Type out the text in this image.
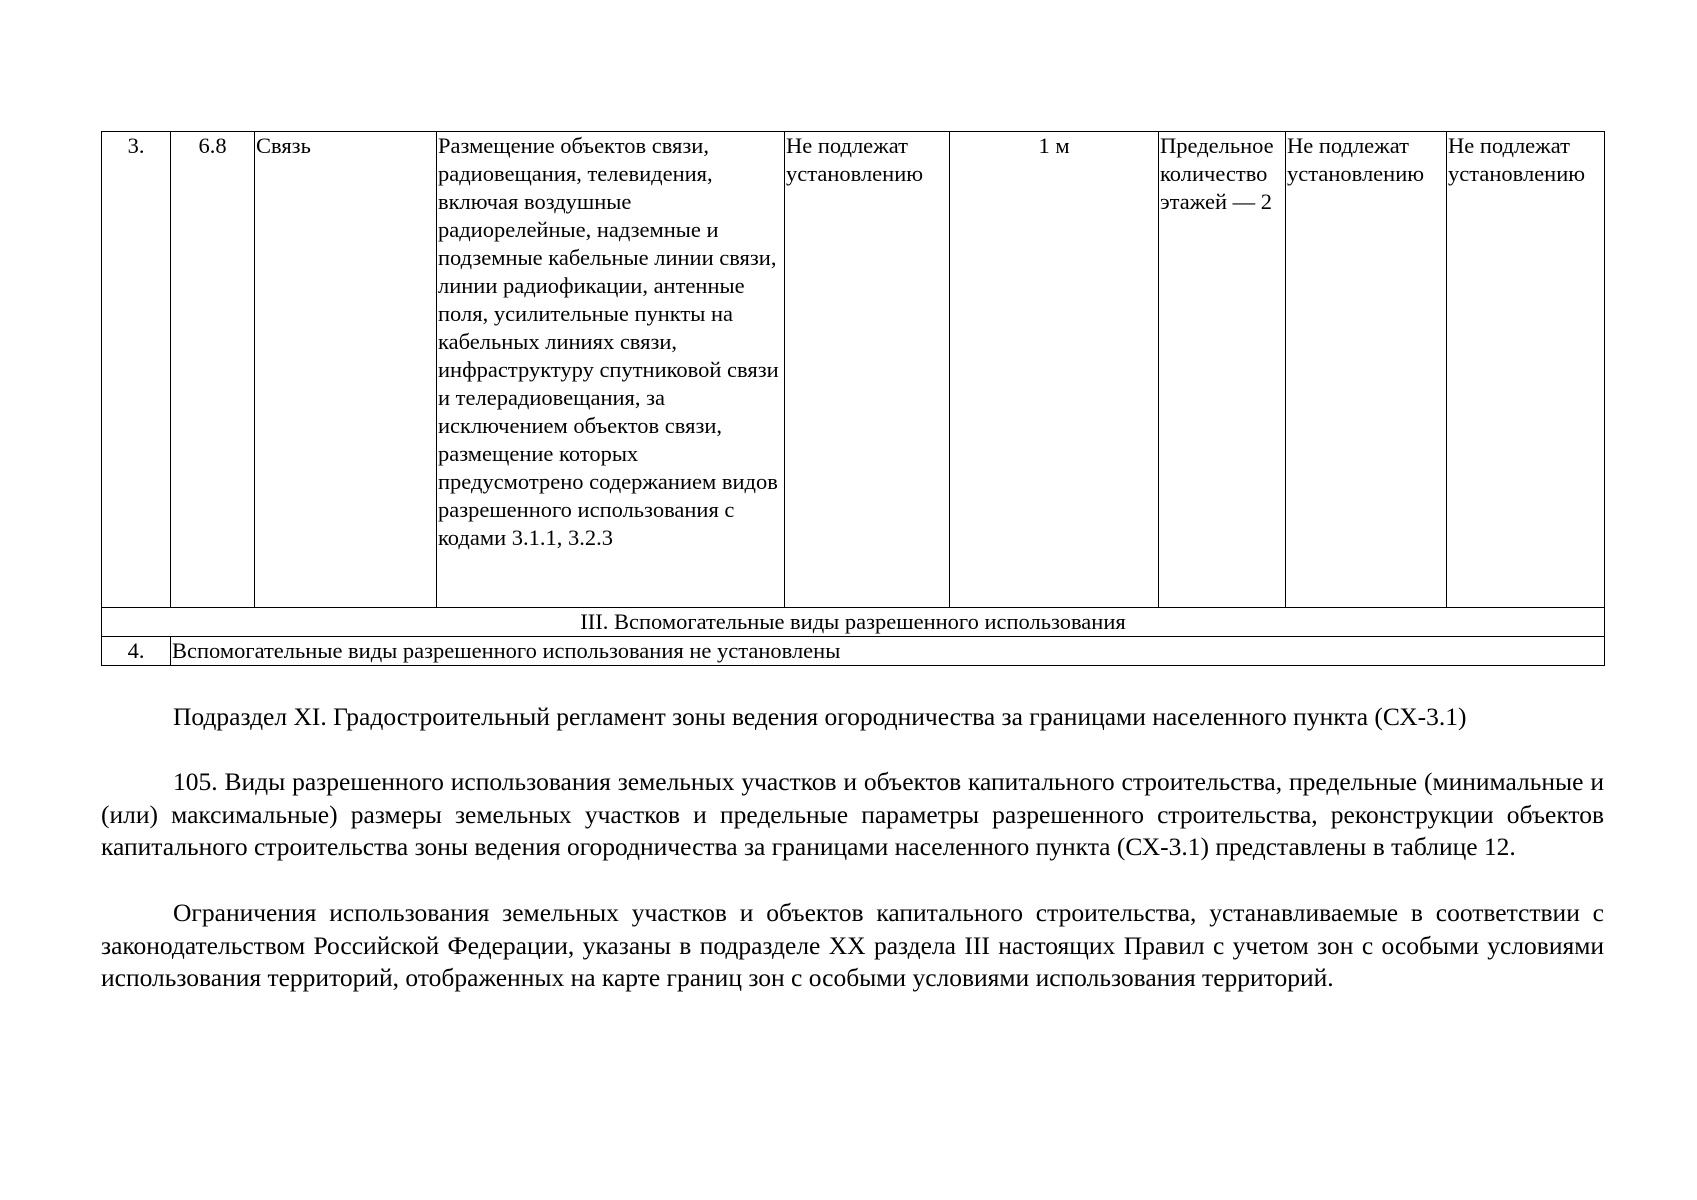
3.	6.8	Связь	Размещение объектов связи, радиовещания, телевидения, включая воздушные радиорелейные, надземные и подземные кабельные линии связи, линии радиофикации, антенные поля, усилительные пункты на кабельных линиях связи, инфраструктуру спутниковой связи и телерадиовещания, за исключением объектов связи, размещение которых предусмотрено содержанием видов разрешенного использования с кодами 3.1.1, 3.2.3	Не подлежат установлению	1 м	Предельное количество этажей — 2	Не подлежат установлению	Не подлежат установлению
III. Вспомогательные виды разрешенного использования								
4.	Вспомогательные виды разрешенного использования не установлены							
Подраздел XI. Градостроительный регламент зоны ведения огородничества за границами населенного пункта (СХ-3.1)

105. Виды разрешенного использования земельных участков и объектов капитального строительства, предельные (минимальные и (или) максимальные) размеры земельных участков и предельные параметры разрешенного строительства, реконструкции объектов капитального строительства зоны ведения огородничества за границами населенного пункта (СХ-3.1) представлены в таблице 12.

Ограничения использования земельных участков и объектов капитального строительства, устанавливаемые в соответствии с законодательством Российской Федерации, указаны в подразделе XX раздела III настоящих Правил с учетом зон с особыми условиями использования территорий, отображенных на карте границ зон с особыми условиями использования территорий.
